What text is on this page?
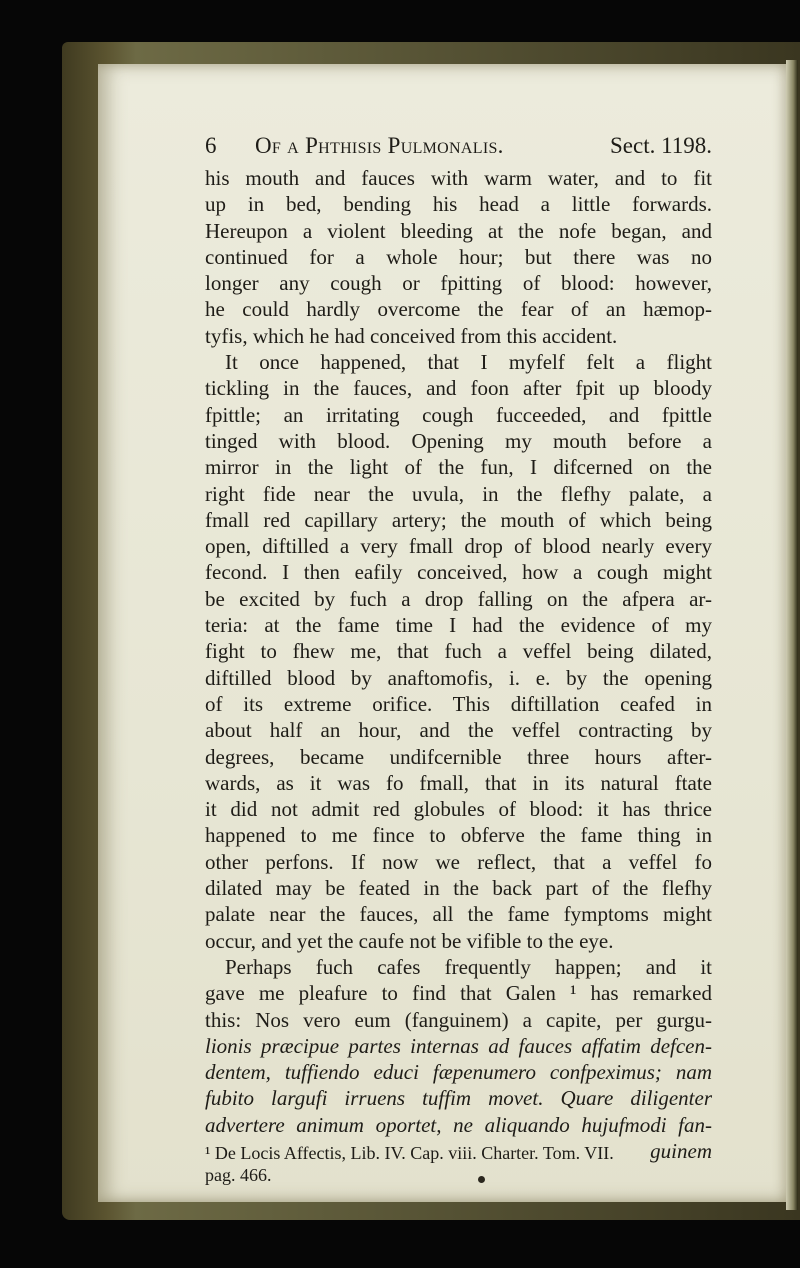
6 Of a Phthisis Pulmonalis.	Sect. 1198.
his mouth and fauces with warm water, and to fit
up in bed, bending his head a little forwards.
Hereupon a violent bleeding at the nofe began, and
continued for a whole hour; but there was no
longer any cough or fpitting of blood: however,
he could hardly overcome the fear of an hæmop-
tyfis, which he had conceived from this accident.
It once happened, that I myfelf felt a flight
tickling in the fauces, and foon after fpit up bloody
fpittle; an irritating cough fucceeded, and fpittle
tinged with blood. Opening my mouth before a
mirror in the light of the fun, I difcerned on the
right fide near the uvula, in the flefhy palate, a
fmall red capillary artery; the mouth of which being
open, diftilled a very fmall drop of blood nearly every
fecond. I then eafily conceived, how a cough might
be excited by fuch a drop falling on the afpera ar-
teria: at the fame time I had the evidence of my
fight to fhew me, that fuch a veffel being dilated,
diftilled blood by anaftomofis, i. e. by the opening
of its extreme orifice. This diftillation ceafed in
about half an hour, and the veffel contracting by
degrees, became undifcernible three hours after-
wards, as it was fo fmall, that in its natural ftate
it did not admit red globules of blood: it has thrice
happened to me fince to obferve the fame thing in
other perfons. If now we reflect, that a veffel fo
dilated may be feated in the back part of the flefhy
palate near the fauces, all the fame fymptoms might
occur, and yet the caufe not be vifible to the eye.
Perhaps fuch cafes frequently happen; and it
gave me pleafure to find that Galen ¹ has remarked
this: Nos vero eum (fanguinem) a capite, per gurgu-
lionis præcipue partes internas ad fauces affatim defcen-
dentem, tuffiendo educi fæpenumero confpeximus; nam
fubito largufi irruens tuffim movet. Quare diligenter
advertere animum oportet, ne aliquando hujufmodi fan-
guinem
¹ De Locis Affectis, Lib. IV. Cap. viii. Charter. Tom. VII.
pag. 466.
